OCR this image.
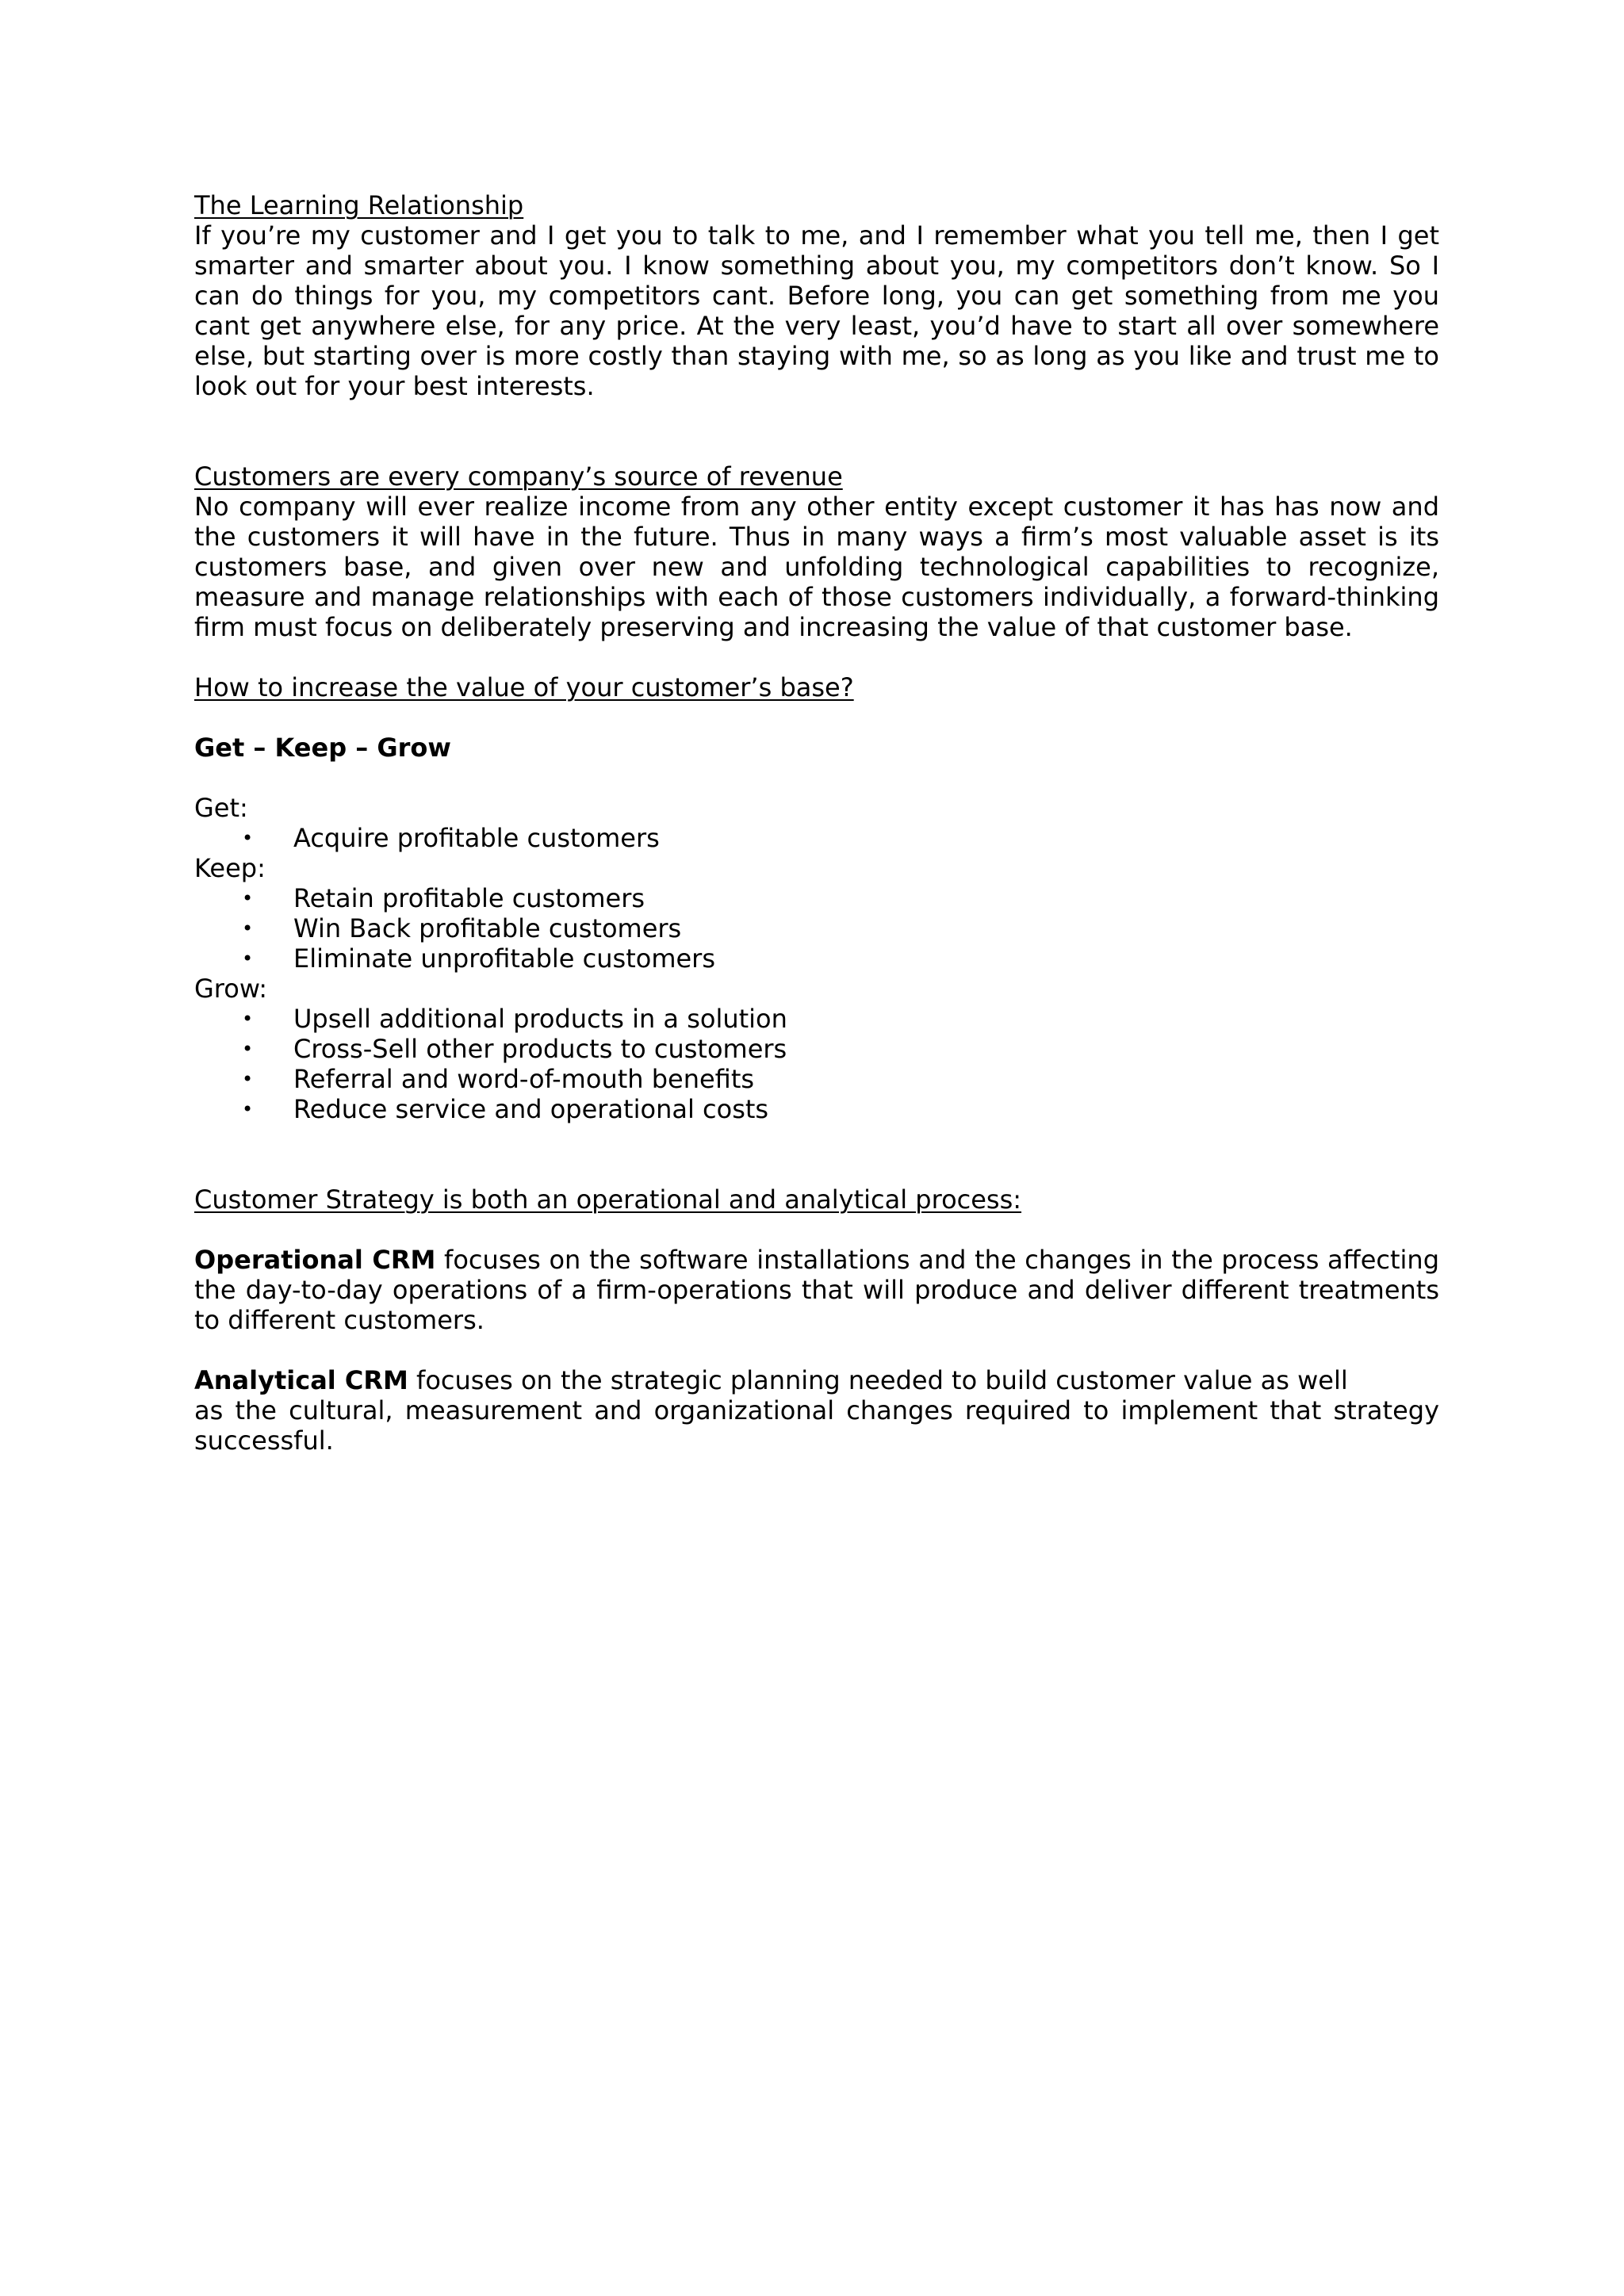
The Learning Relationship

If you’re my customer and I get you to talk to me, and I remember what you tell me, then I get smarter and smarter about you. I know something about you, my competitors don’t know. So I can do things for you, my competitors cant. Before long, you can get something from me you cant get anywhere else, for any price. At the very least, you’d have to start all over somewhere else, but starting over is more costly than staying with me, so as long as you like and trust me to look out for your best interests.

Customers are every company’s source of revenue

No company will ever realize income from any other entity except customer it has has now and the customers it will have in the future. Thus in many ways a firm’s most valuable asset is its customers base, and given over new and unfolding technological capabilities to recognize, measure and manage relationships with each of those customers individually, a forward-thinking firm must focus on deliberately preserving and increasing the value of that customer base.

How to increase the value of your customer’s base?

Get – Keep – Grow

Get:

• Acquire profitable customers

Keep:

• Retain profitable customers
• Win Back profitable customers
• Eliminate unprofitable customers

Grow:

• Upsell additional products in a solution
• Cross-Sell other products to customers
• Referral and word-of-mouth benefits
• Reduce service and operational costs

Customer Strategy is both an operational and analytical process:

Operational CRM focuses on the software installations and the changes in the process affecting the day-to-day operations of a firm-operations that will produce and deliver different treatments to different customers.

Analytical CRM focuses on the strategic planning needed to build customer value as well

as the cultural, measurement and organizational changes required to implement that strategy successful.
